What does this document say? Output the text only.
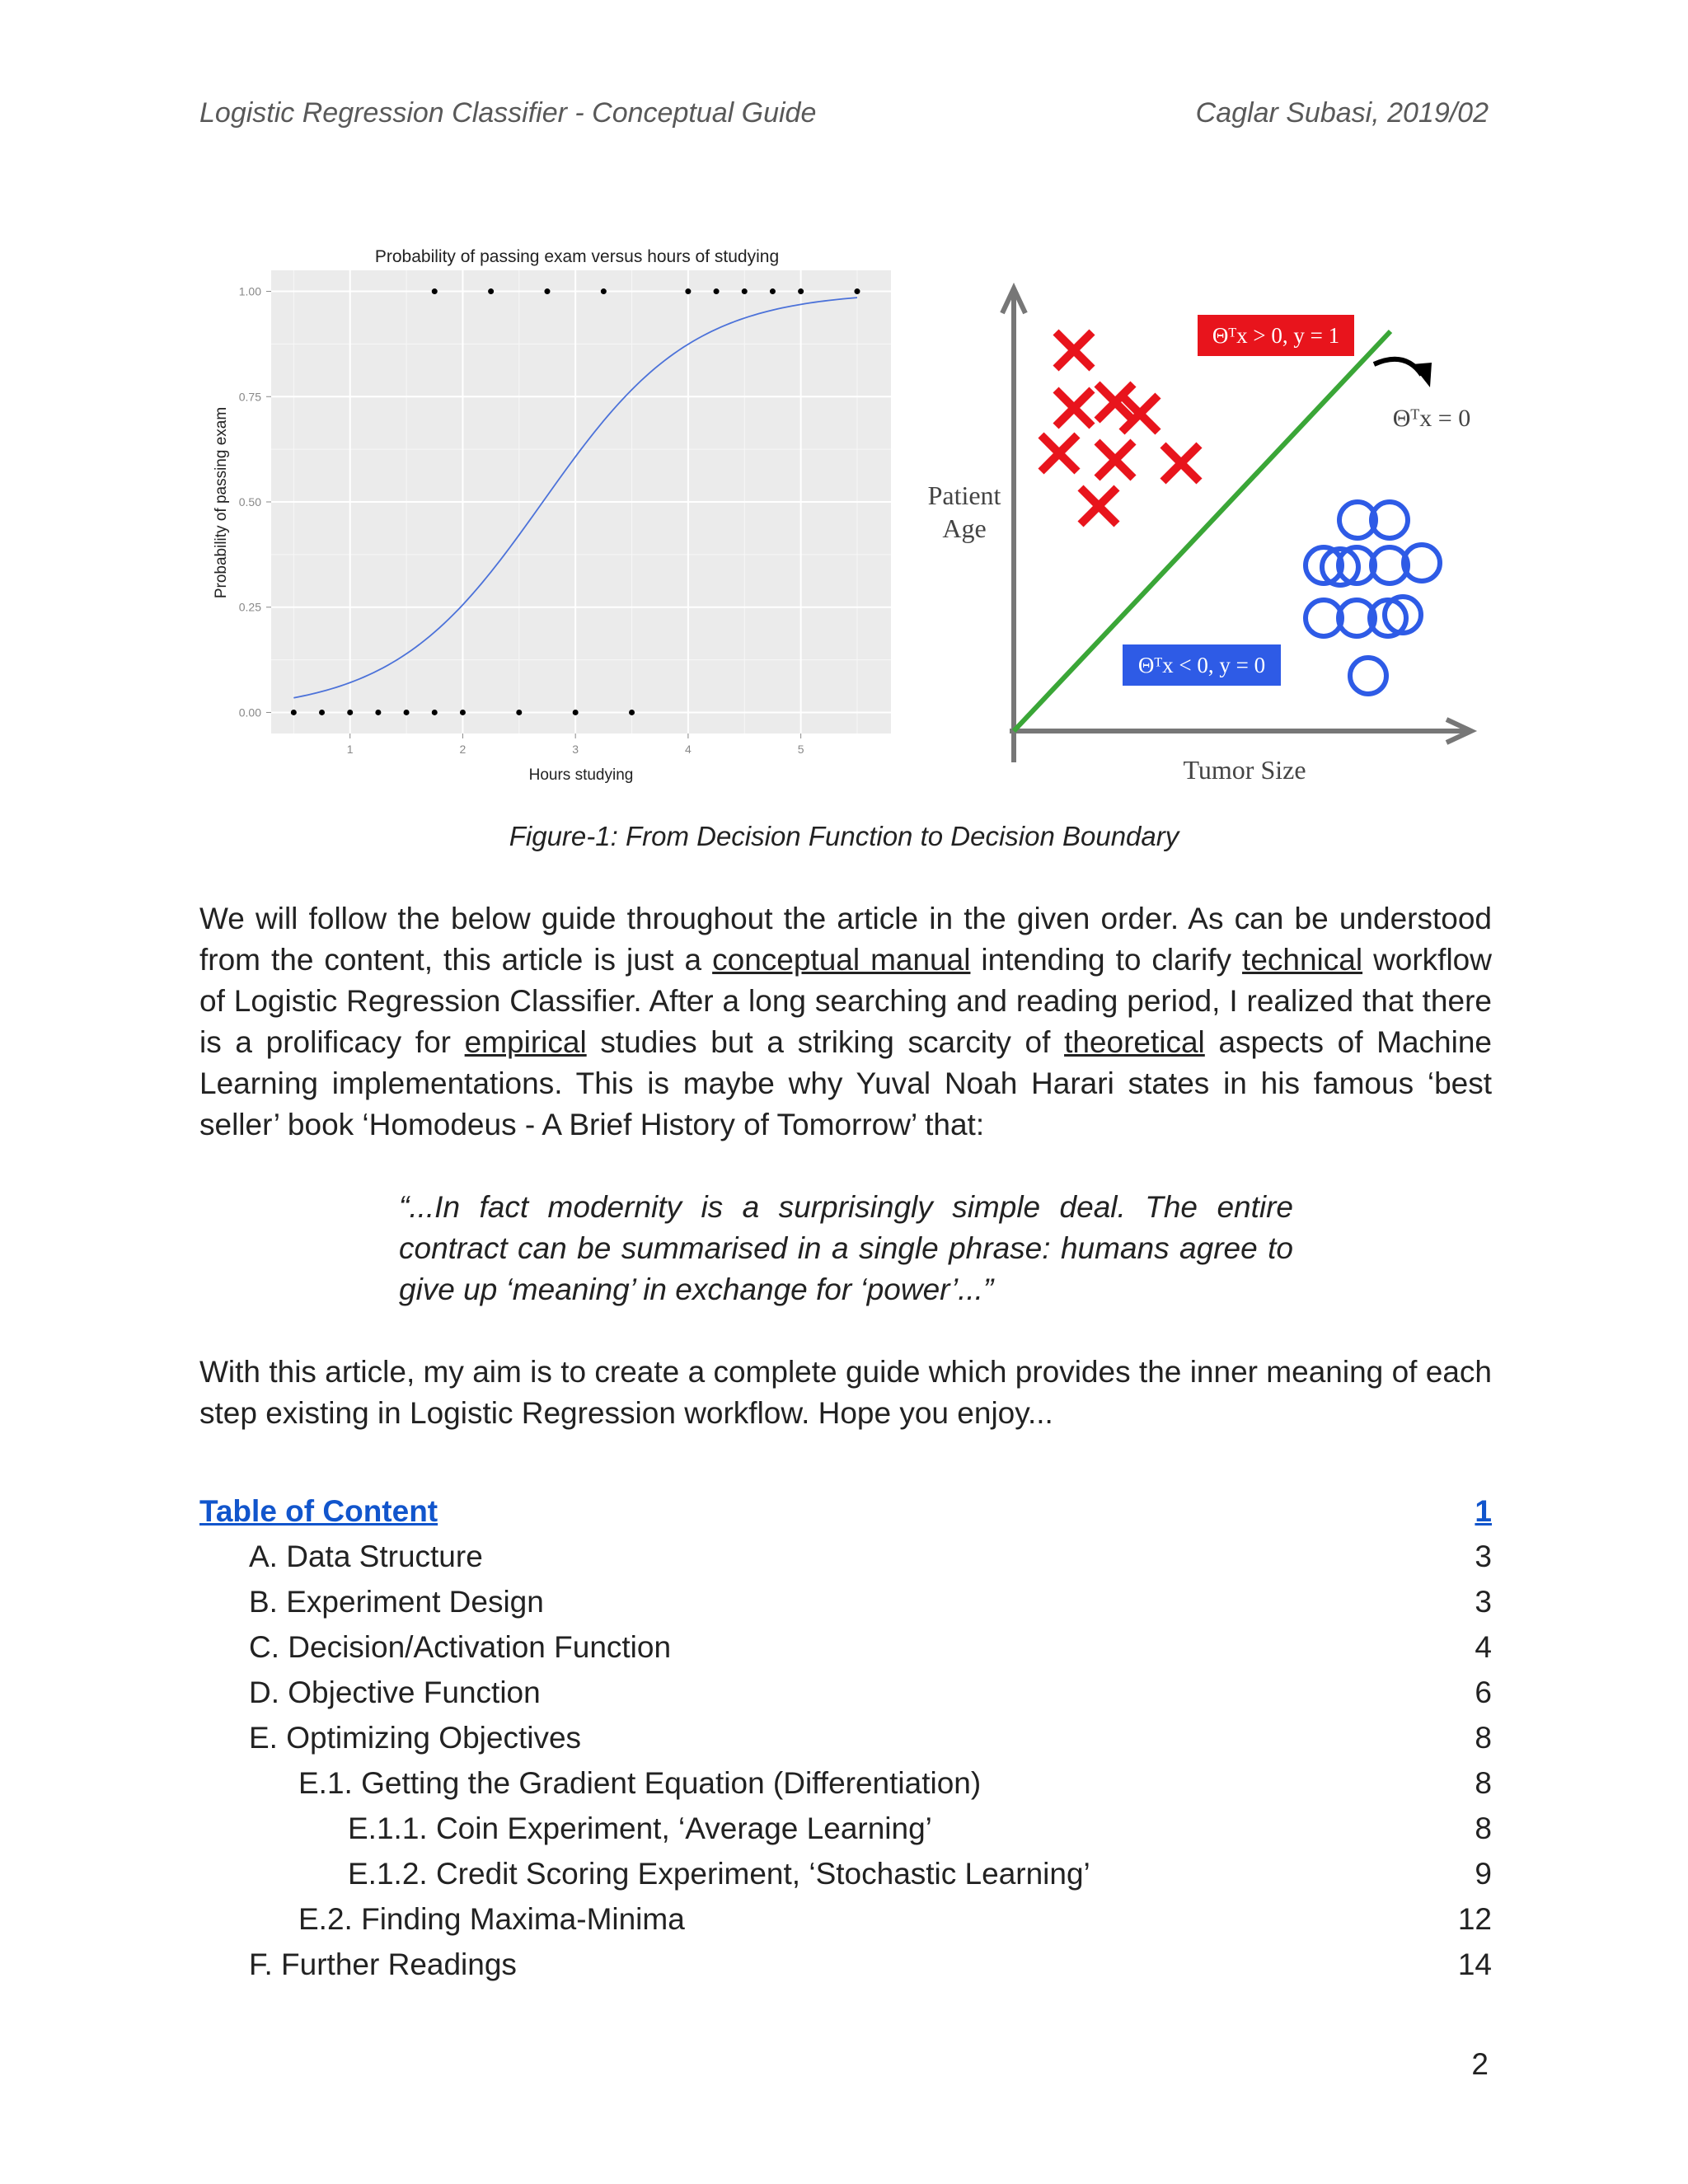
Logistic Regression Classifier - Conceptual Guide	Caglar Subasi, 2019/02
Probability of passing exam versus hours of studying
0.00
0.25
0.50
0.75
1.00
1	2	3	4	5
Hours studying
Probability of passing exam
Θᵀx > 0, y = 1
Θᵀx < 0, y = 0
Θᵀx = 0
Patient
Age
Tumor Size
Figure-1: From Decision Function to Decision Boundary
We will follow the below guide throughout the article in the given order. As can be understood from the content, this article is just a conceptual manual intending to clarify technical workflow of Logistic Regression Classifier. After a long searching and reading period, I realized that there is a prolificacy for empirical studies but a striking scarcity of theoretical aspects of Machine Learning implementations. This is maybe why Yuval Noah Harari states in his famous ‘best seller’ book ‘Homodeus - A Brief History of Tomorrow’ that:
“...In fact modernity is a surprisingly simple deal. The entire contract can be summarised in a single phrase: humans agree to give up ‘meaning’ in exchange for ‘power’...”
With this article, my aim is to create a complete guide which provides the inner meaning of each step existing in Logistic Regression workflow. Hope you enjoy...
Table of Content	1
A. Data Structure	3
B. Experiment Design	3
C. Decision/Activation Function	4
D. Objective Function	6
E. Optimizing Objectives	8
E.1. Getting the Gradient Equation (Differentiation)	8
E.1.1. Coin Experiment, ‘Average Learning’	8
E.1.2. Credit Scoring Experiment, ‘Stochastic Learning’	9
E.2. Finding Maxima-Minima	12
F. Further Readings	14
2
